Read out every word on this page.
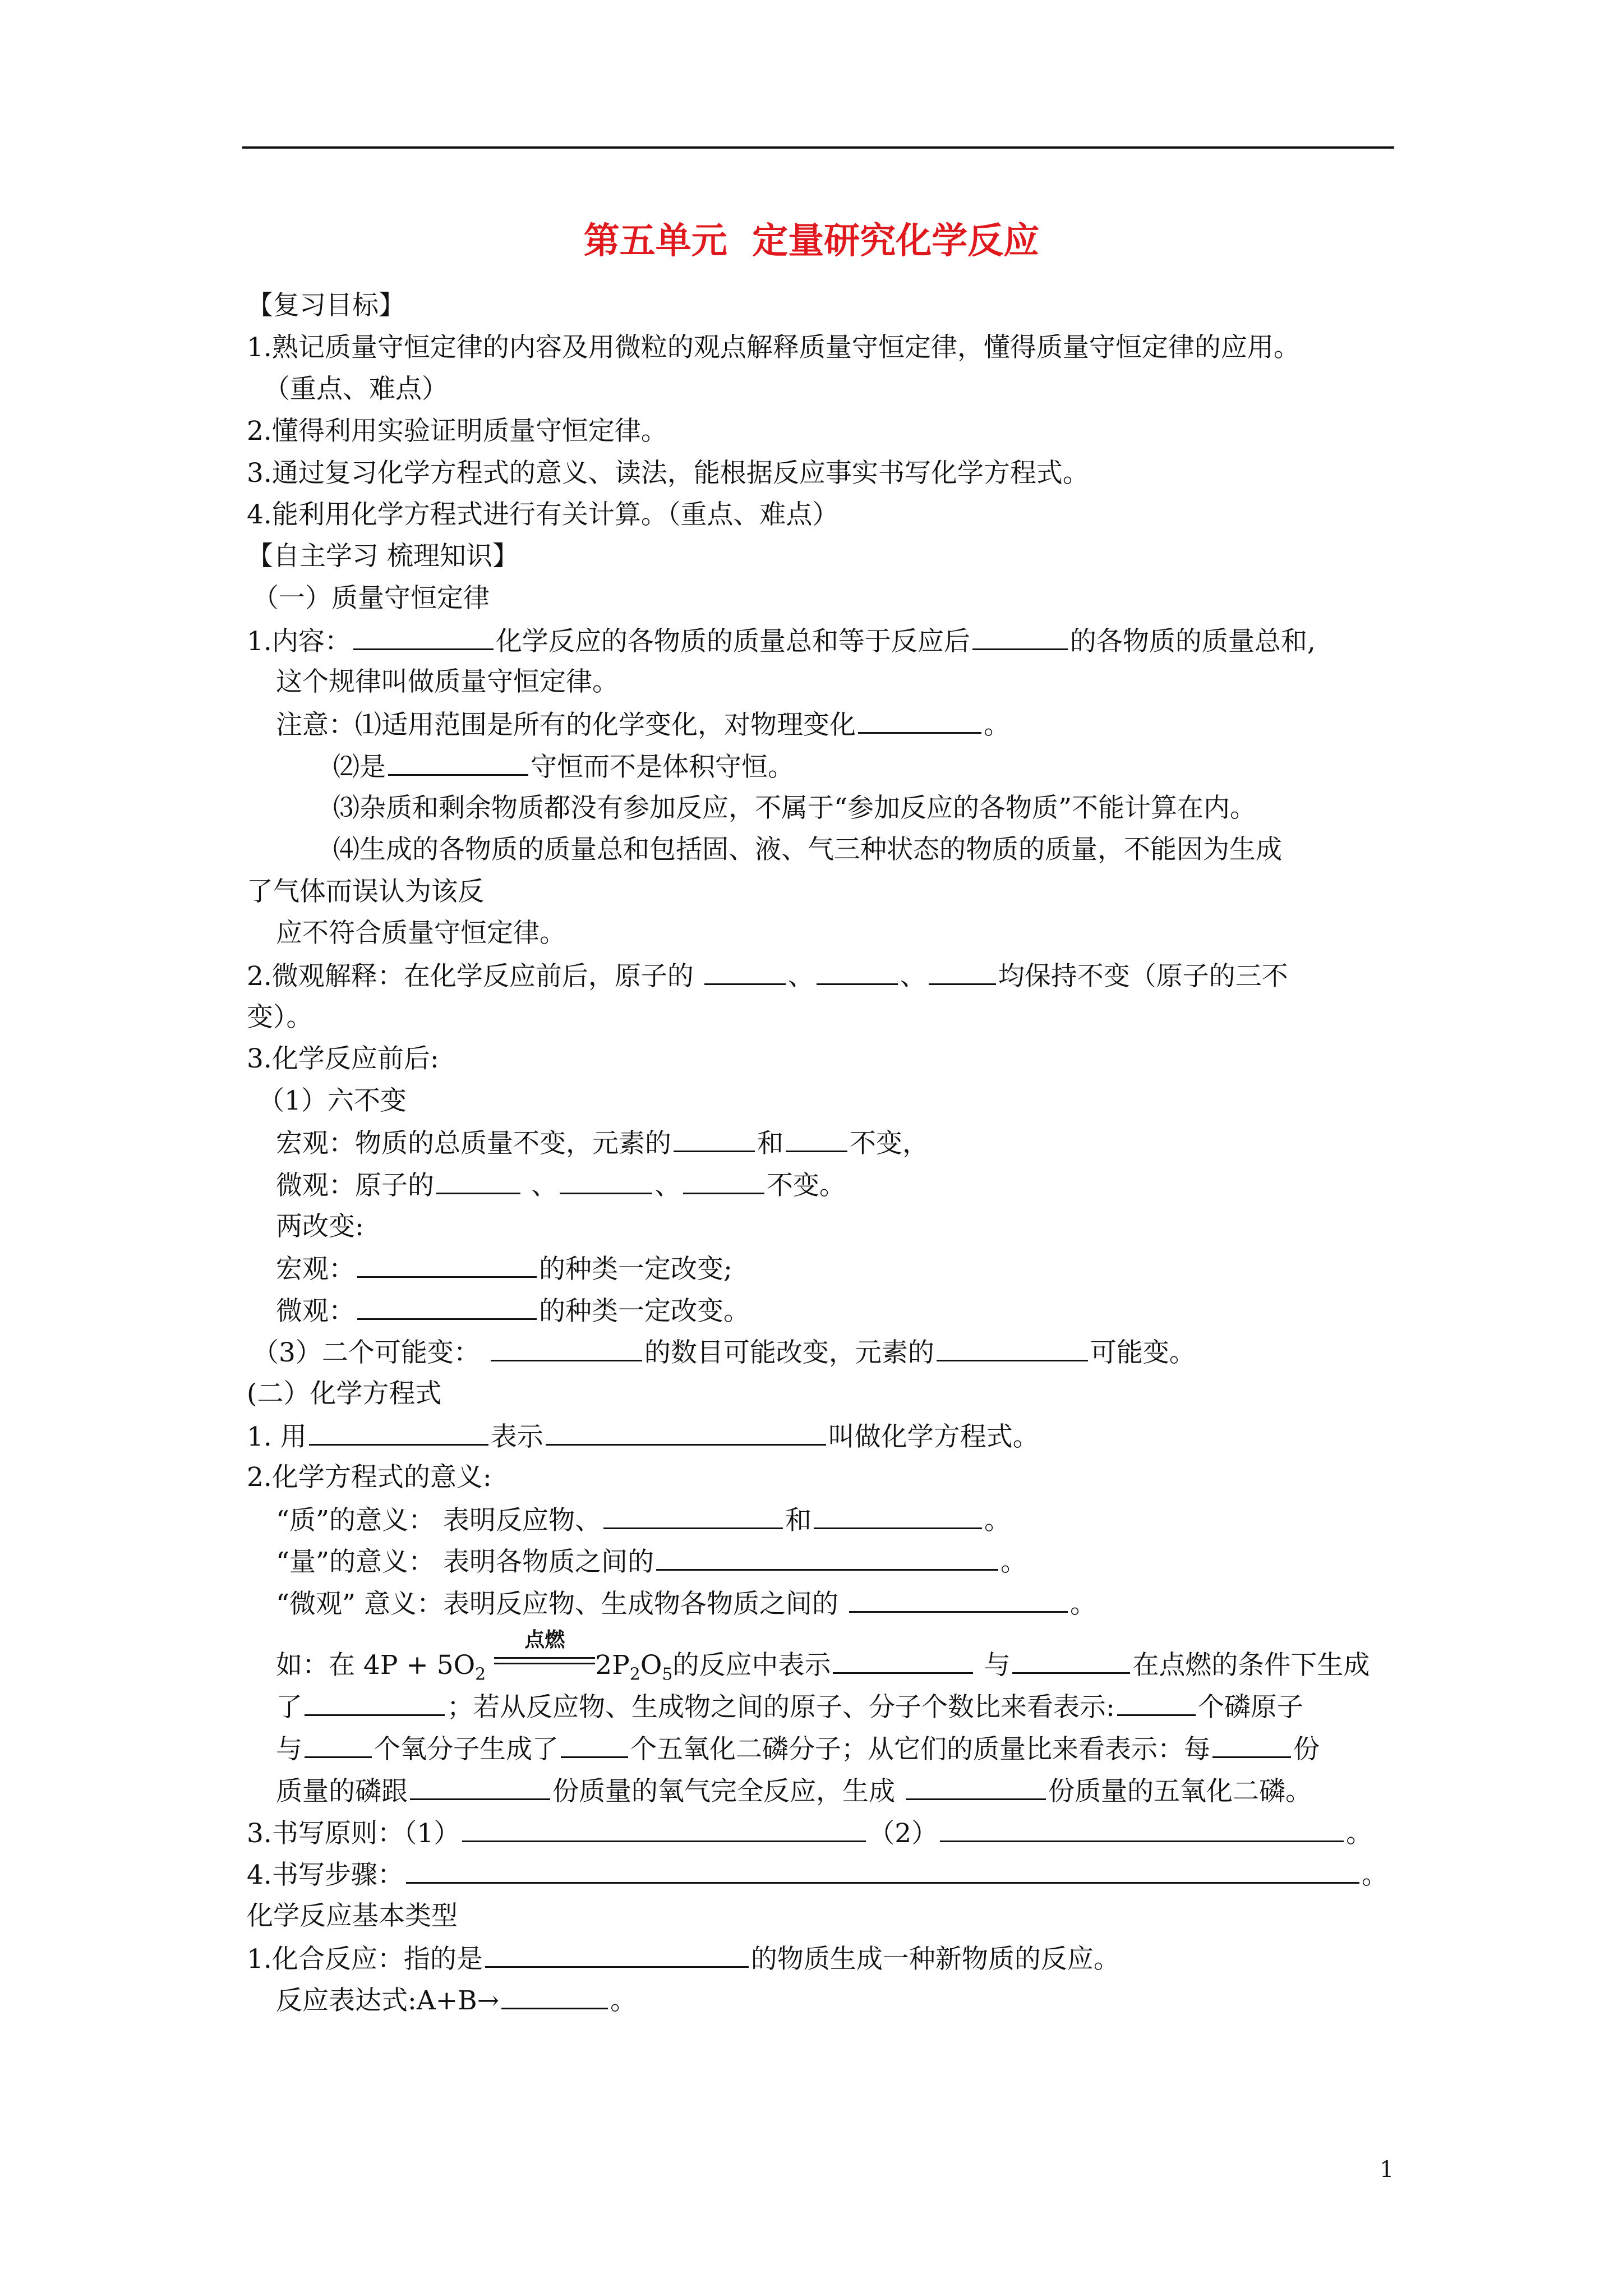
第五单元  定量研究化学反应
【复习目标】
1.熟记质量守恒定律的内容及用微粒的观点解释质量守恒定律，懂得质量守恒定律的应用。
（重点、难点）
2.懂得利用实验证明质量守恒定律。
3.通过复习化学方程式的意义、读法，能根据反应事实书写化学方程式。
4.能利用化学方程式进行有关计算。（重点、难点）
【自主学习 梳理知识】
（一）质量守恒定律
1.内容：	化学反应的各物质的质量总和等于反应后	的各物质的质量总和,
这个规律叫做质量守恒定律。
注意：⑴适用范围是所有的化学变化，对物理变化	。
⑵是	守恒而不是体积守恒。
⑶杂质和剩余物质都没有参加反应，不属于“参加反应的各物质”不能计算在内。
⑷生成的各物质的质量总和包括固、液、气三种状态的物质的质量，不能因为生成
了气体而误认为该反
应不符合质量守恒定律。
2.微观解释：在化学反应前后，原子的	、	、	均保持不变（原子的三不
变）。
3.化学反应前后:
（1）六不变
宏观：物质的总质量不变，元素的	和	不变，
微观：原子的	、	、	不变。
两改变:
宏观：	的种类一定改变;
微观：	的种类一定改变。
（3）二个可能变：	的数目可能改变，元素的	可能变。
(二）化学方程式
1. 用	表示	叫做化学方程式。
2.化学方程式的意义:
“质”的意义： 表明反应物、	和	。
“量”的意义： 表明各物质之间的	。
“微观” 意义：表明反应物、生成物各物质之间的	。
如：在 $4P + 5O_2$
点燃
$2P_2O_5$的反应中表示	与	在点燃的条件下生成
了	；若从反应物、生成物之间的原子、分子个数比来看表示:	个磷原子
与	个氧分子生成了	个五氧化二磷分子；从它们的质量比来看表示：每	份
质量的磷跟	份质量的氧气完全反应，生成	份质量的五氧化二磷。
3.书写原则：（1）	（2）	。
4.书写步骤：	。
化学反应基本类型
1.化合反应：指的是	的物质生成一种新物质的反应。
反应表达式:A+B→	。
1
